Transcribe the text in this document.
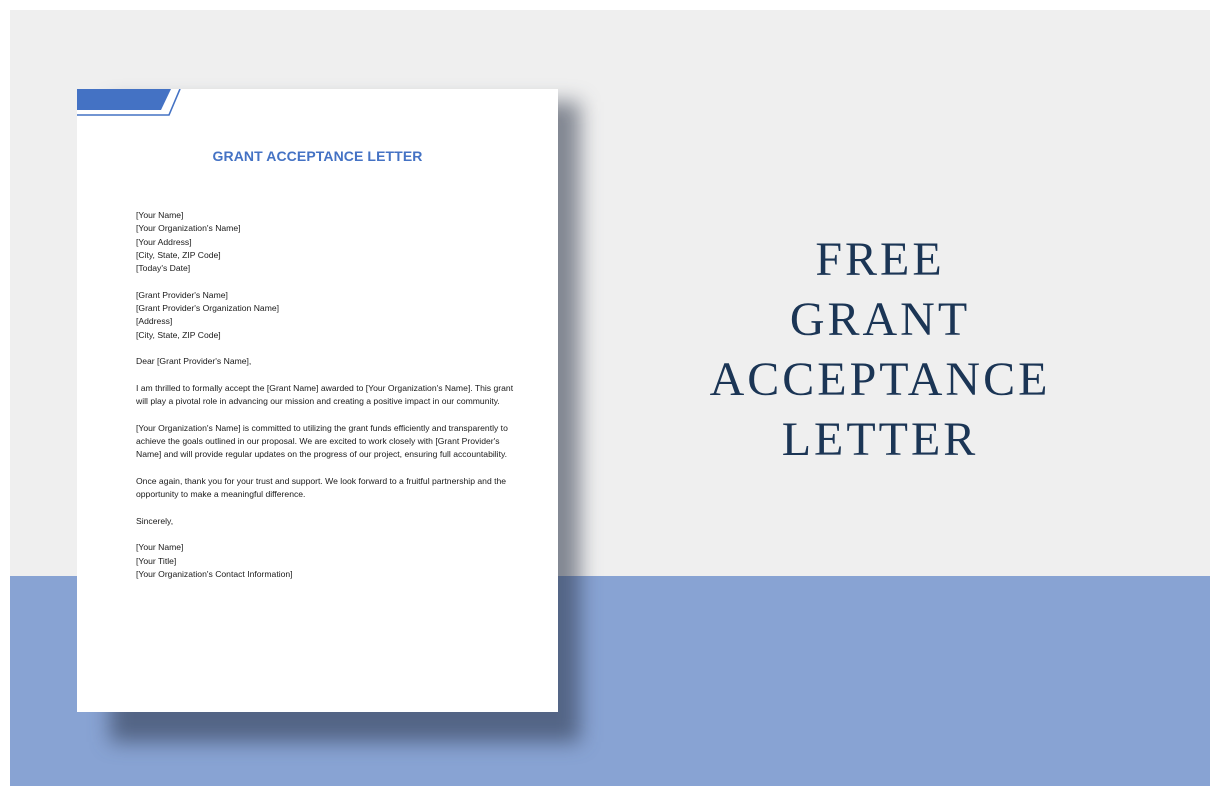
GRANT ACCEPTANCE LETTER
[Your Name]
[Your Organization's Name]
[Your Address]
[City, State, ZIP Code]
[Today's Date]
[Grant Provider's Name]
[Grant Provider's Organization Name]
[Address]
[City, State, ZIP Code]
Dear [Grant Provider's Name],
I am thrilled to formally accept the [Grant Name] awarded to [Your Organization's Name]. This grant will play a pivotal role in advancing our mission and creating a positive impact in our community.
[Your Organization's Name] is committed to utilizing the grant funds efficiently and transparently to achieve the goals outlined in our proposal. We are excited to work closely with [Grant Provider's Name] and will provide regular updates on the progress of our project, ensuring full accountability.
Once again, thank you for your trust and support. We look forward to a fruitful partnership and the opportunity to make a meaningful difference.
Sincerely,
[Your Name]
[Your Title]
[Your Organization's Contact Information]
FREE
GRANT
ACCEPTANCE
LETTER
